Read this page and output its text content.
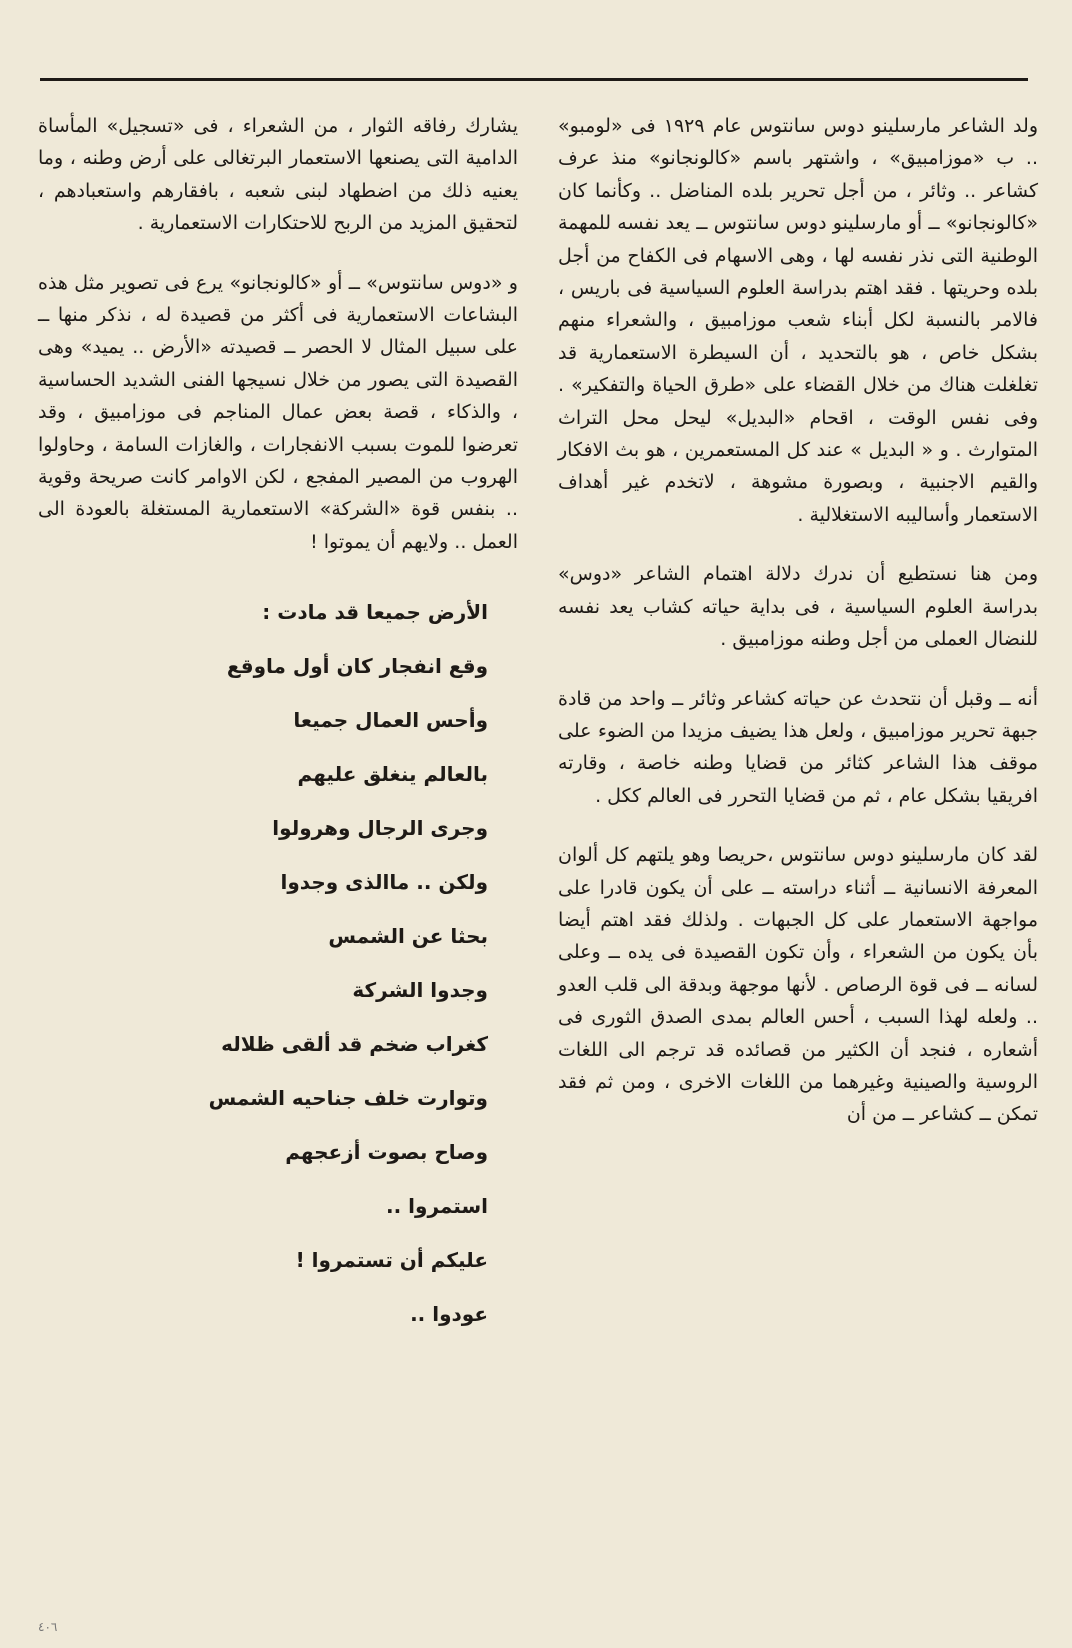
ولد الشاعر مارسلينو دوس سانتوس عام ١٩٢٩ فى «لومبو» .. ب «موزامبيق» ، واشتهر باسم «كالونجانو» منذ عرف كشاعر .. وثائر ، من أجل تحرير بلده المناضل .. وكأنما كان «كالونجانو» ــ أو مارسلينو دوس سانتوس ــ يعد نفسه للمهمة الوطنية التى نذر نفسه لها ، وهى الاسهام فى الكفاح من أجل بلده وحريتها . فقد اهتم بدراسة العلوم السياسية فى باريس ، فالامر بالنسبة لكل أبناء شعب موزامبيق ، والشعراء منهم بشكل خاص ، هو بالتحديد ، أن السيطرة الاستعمارية قد تغلغلت هناك من خلال القضاء على «طرق الحياة والتفكير» . وفى نفس الوقت ، اقحام «البديل» ليحل محل التراث المتوارث . و « البديل » عند كل المستعمرين ، هو بث الافكار والقيم الاجنبية ، وبصورة مشوهة ، لاتخدم غير أهداف الاستعمار وأساليبه الاستغلالية .

ومن هنا نستطيع أن ندرك دلالة اهتمام الشاعر «دوس» بدراسة العلوم السياسية ، فى بداية حياته كشاب يعد نفسه للنضال العملى من أجل وطنه موزامبيق .

أنه ــ وقبل أن نتحدث عن حياته كشاعر وثائر ــ واحد من قادة جبهة تحرير موزامبيق ، ولعل هذا يضيف مزيدا من الضوء على موقف هذا الشاعر كثائر من قضايا وطنه خاصة ، وقارته افريقيا بشكل عام ، ثم من قضايا التحرر فى العالم ككل .

لقد كان مارسلينو دوس سانتوس ،حريصا وهو يلتهم كل ألوان المعرفة الانسانية ــ أثناء دراسته ــ على أن يكون قادرا على مواجهة الاستعمار على كل الجبهات . ولذلك فقد اهتم أيضا بأن يكون من الشعراء ، وأن تكون القصيدة فى يده ــ وعلى لسانه ــ فى قوة الرصاص . لأنها موجهة وبدقة الى قلب العدو .. ولعله لهذا السبب ، أحس العالم بمدى الصدق الثورى فى أشعاره ، فنجد أن الكثير من قصائده قد ترجم الى اللغات الروسية والصينية وغيرهما من اللغات الاخرى ، ومن ثم فقد تمكن ــ كشاعر ــ من أن

يشارك رفاقه الثوار ، من الشعراء ، فى «تسجيل» المأساة الدامية التى يصنعها الاستعمار البرتغالى على أرض وطنه ، وما يعنيه ذلك من اضطهاد لبنى شعبه ، بافقارهم واستعبادهم ، لتحقيق المزيد من الربح للاحتكارات الاستعمارية .

و «دوس سانتوس» ــ أو «كالونجانو» يرع فى تصوير مثل هذه البشاعات الاستعمارية فى أكثر من قصيدة له ، نذكر منها ــ على سبيل المثال لا الحصر ــ قصيدته «الأرض .. يميد» وهى القصيدة التى يصور من خلال نسيجها الفنى الشديد الحساسية ، والذكاء ، قصة بعض عمال المناجم فى موزامبيق ، وقد تعرضوا للموت بسبب الانفجارات ، والغازات السامة ، وحاولوا الهروب من المصير المفجع ، لكن الاوامر كانت صريحة وقوية .. بنفس قوة «الشركة» الاستعمارية المستغلة بالعودة الى العمل .. ولايهم أن يموتوا !

الأرض جميعا قد مادت :
وقع انفجار كان أول ماوقع
وأحس العمال جميعا
بالعالم ينغلق عليهم
وجرى الرجال وهرولوا
ولكن .. ماالذى وجدوا
بحثا عن الشمس
وجدوا الشركة
كغراب ضخم قد ألقى ظلاله
وتوارت خلف جناحيه الشمس
وصاح بصوت أزعجهم
استمروا ..
عليكم أن تستمروا !
عودوا ..
٤٠٦
